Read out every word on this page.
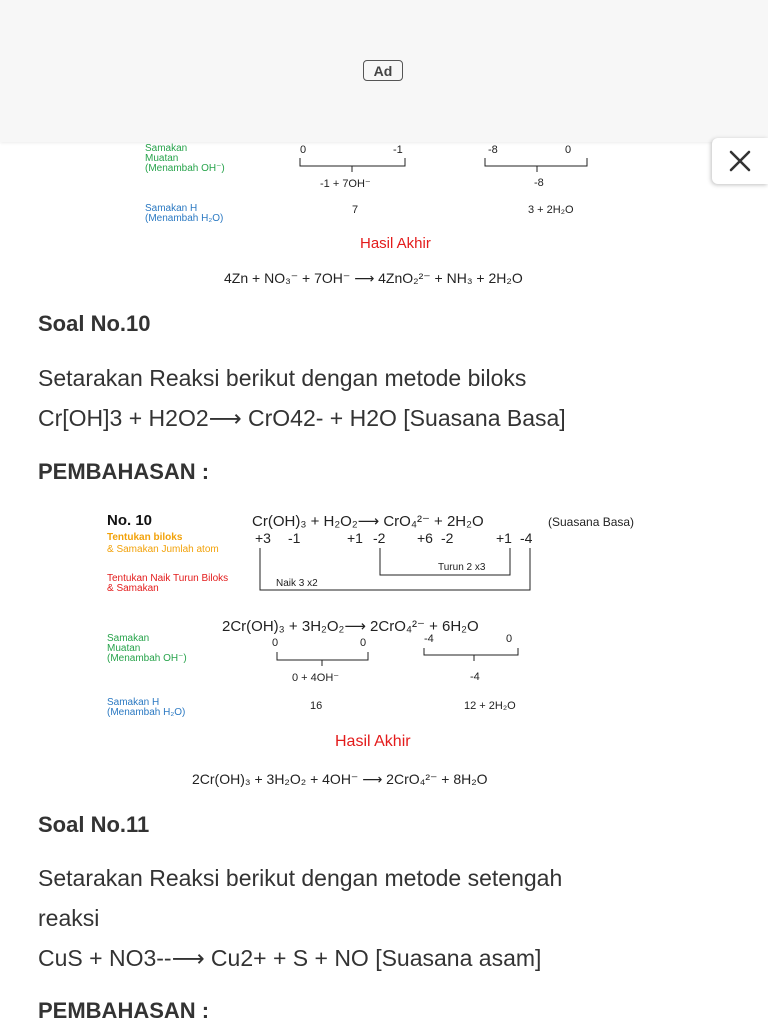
Ad
Samakan
Muatan
(Menambah OH⁻)
0	-1	-8	0
-1 + 7OH⁻	-8
Samakan H
(Menambah H₂O)
7	3 + 2H₂O
Hasil Akhir
4Zn + NO₃⁻ + 7OH⁻ ⟶ 4ZnO₂²⁻ + NH₃ + 2H₂O
Soal No.10
Setarakan Reaksi berikut dengan metode biloks
Cr[OH]3 + H2O2⟶ CrO42- + H2O [Suasana Basa]
PEMBAHASAN :
No. 10	Cr(OH)₃ + H₂O₂⟶ CrO₄²⁻ + 2H₂O	(Suasana Basa)
Tentukan biloks
& Samakan Jumlah atom
+3 -1	+1 -2 +6 -2	+1 -4
Tentukan Naik Turun Biloks
& Samakan
Turun 2 x3
Naik 3 x2
2Cr(OH)₃ + 3H₂O₂⟶ 2CrO₄²⁻ + 6H₂O
Samakan
Muatan
(Menambah OH⁻)
0	0	-4	0
0 + 4OH⁻	-4
Samakan H
(Menambah H₂O)
16	12 + 2H₂O
Hasil Akhir
2Cr(OH)₃ + 3H₂O₂ + 4OH⁻ ⟶ 2CrO₄²⁻ + 8H₂O
Soal No.11
Setarakan Reaksi berikut dengan metode setengah
reaksi
CuS + NO3--⟶ Cu2+ + S + NO [Suasana asam]
PEMBAHASAN :
